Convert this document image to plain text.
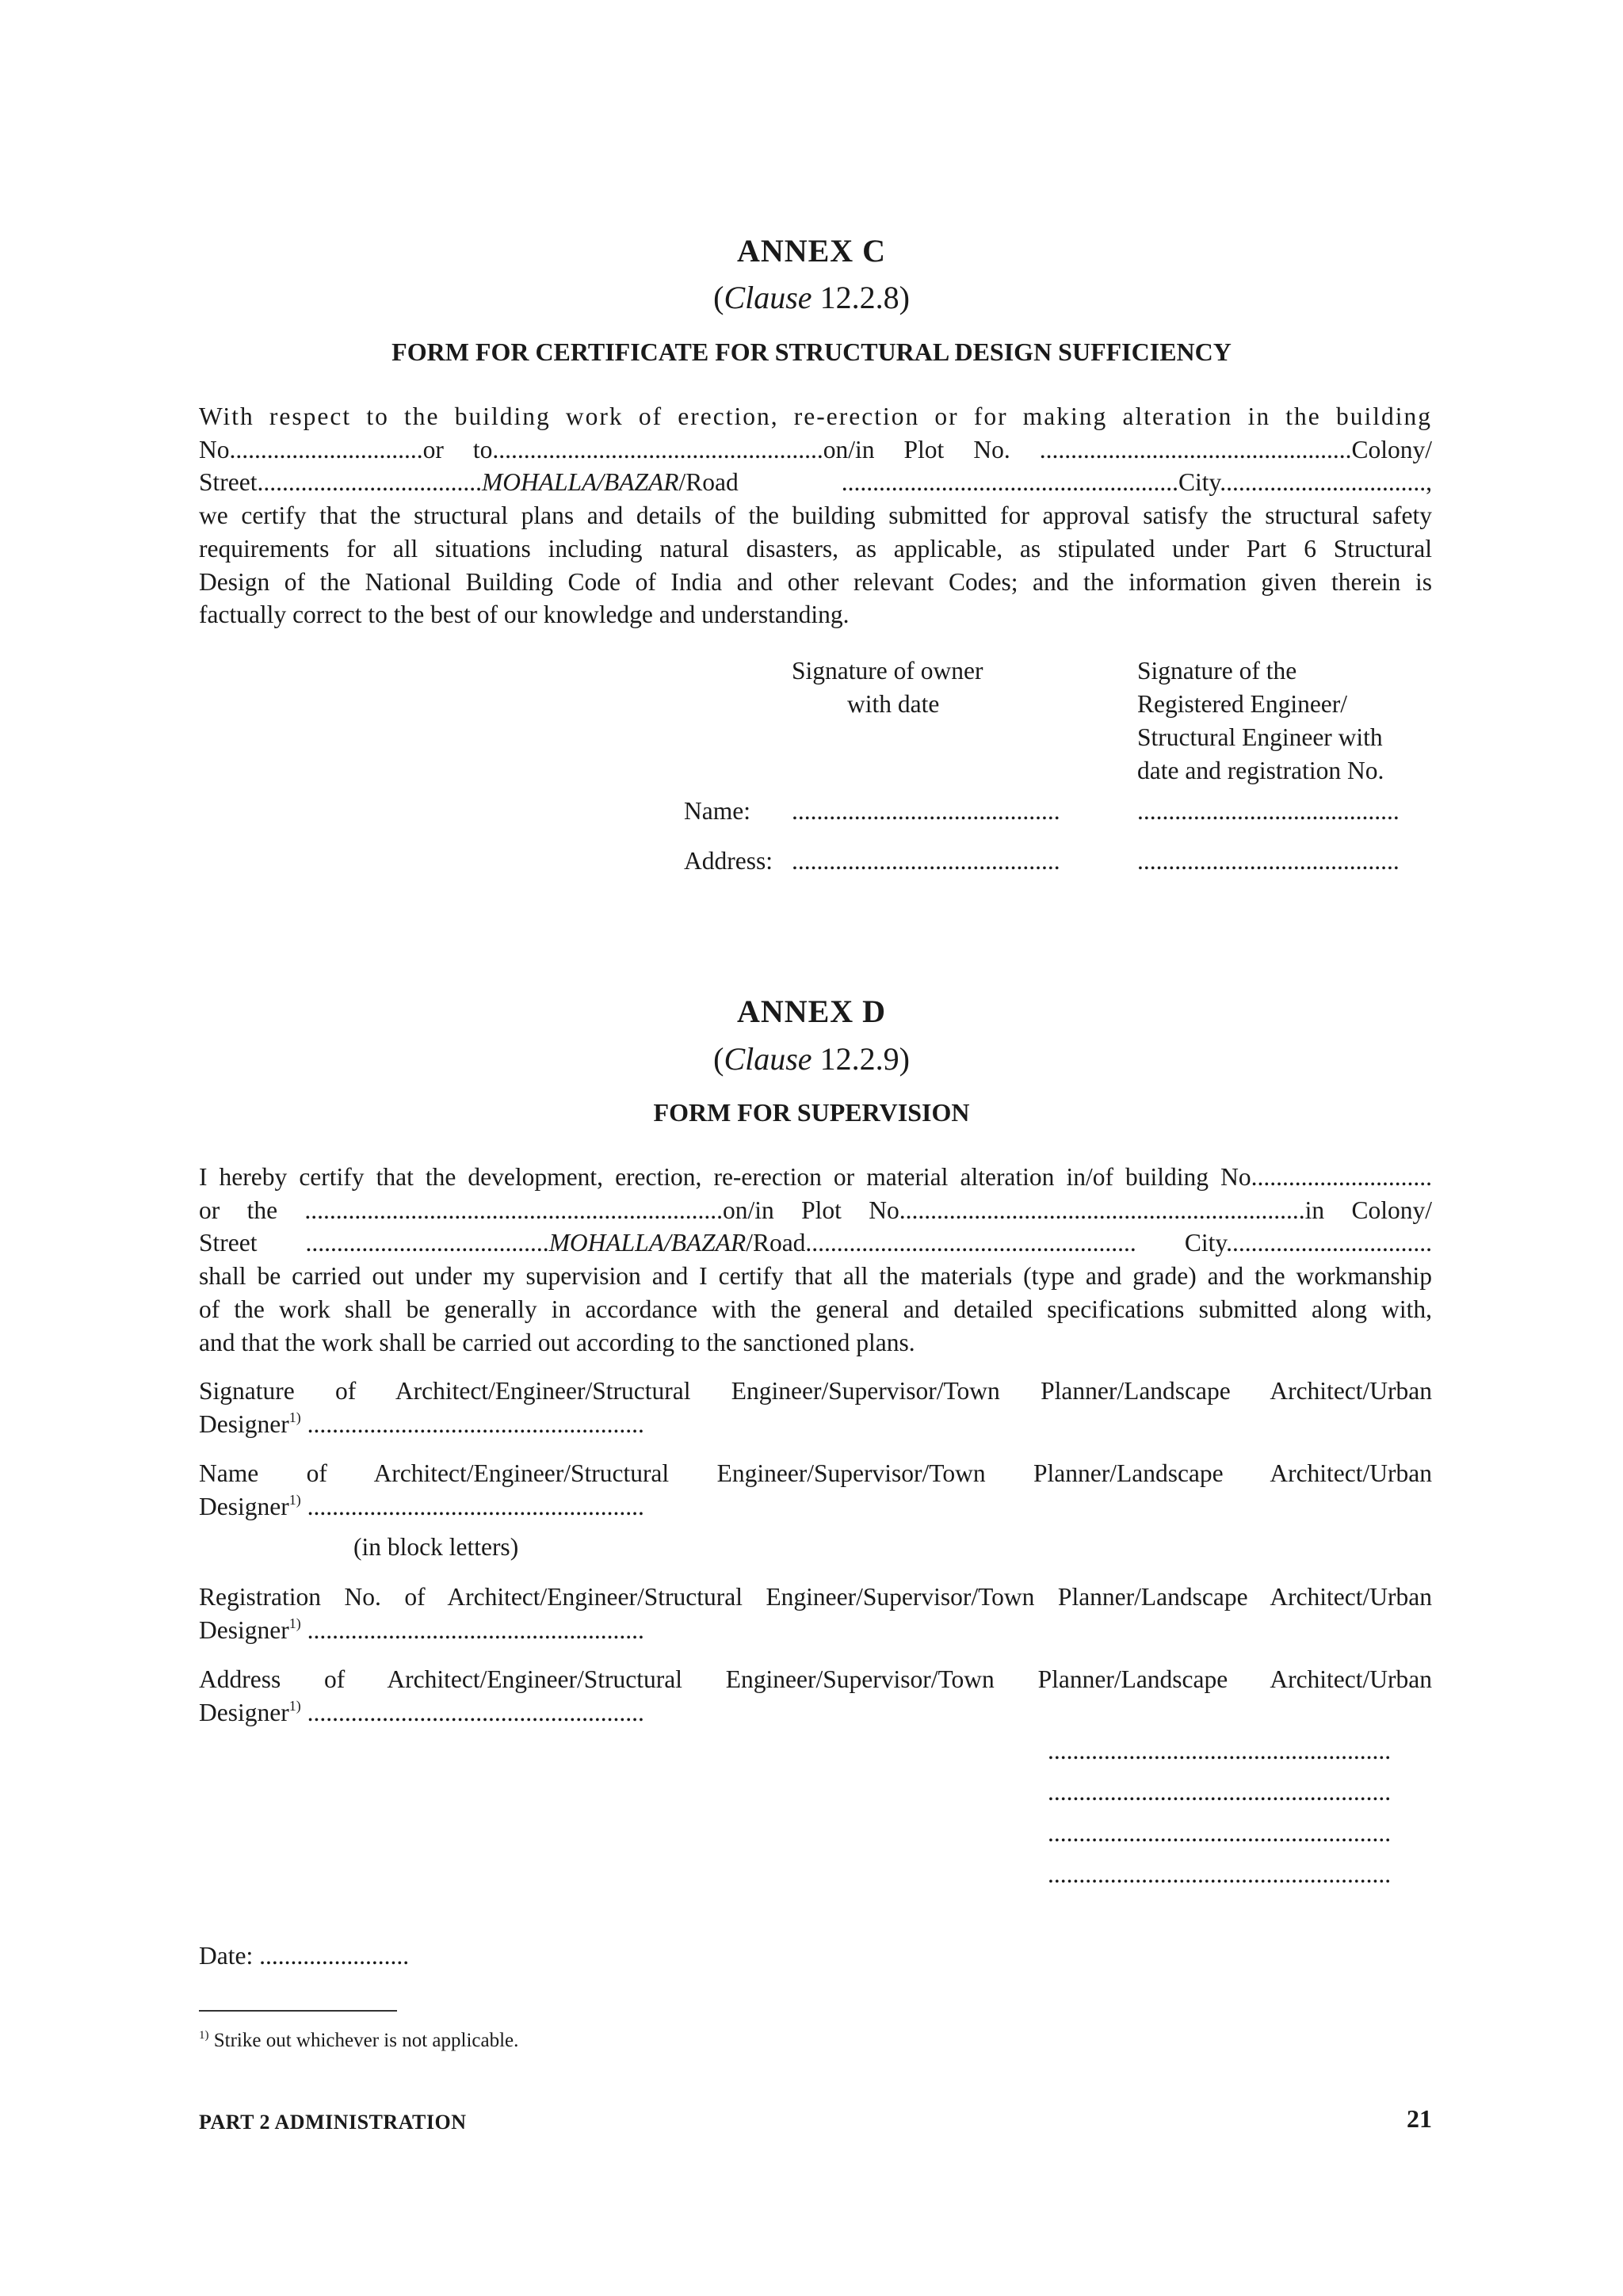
ANNEX C
(Clause 12.2.8)
FORM FOR CERTIFICATE FOR STRUCTURAL DESIGN SUFFICIENCY
With respect to the building work of erection, re-erection or for making alteration in the building
No...............................or to.....................................................on/in Plot No. ..................................................Colony/
Street....................................MOHALLA/BAZAR/Road ......................................................City.................................,
we certify that the structural plans and details of the building submitted for approval satisfy the structural safety
requirements for all situations including natural disasters, as applicable, as stipulated under Part 6 Structural
Design of the National Building Code of India and other relevant Codes; and the information given therein is
factually correct to the best of our knowledge and understanding.
Signature of owner
with date
Signature of the
Registered Engineer/
Structural Engineer with
date and registration No.
Name: ...........................................	..........................................
Address: ...........................................	..........................................
ANNEX D
(Clause 12.2.9)
FORM FOR SUPERVISION
I hereby certify that the development, erection, re-erection or material alteration in/of building No.............................
or the ...................................................................on/in Plot No.................................................................in Colony/
Street .......................................MOHALLA/BAZAR/Road..................................................... City.................................
shall be carried out under my supervision and I certify that all the materials (type and grade) and the workmanship
of the work shall be generally in accordance with the general and detailed specifications submitted along with,
and that the work shall be carried out according to the sanctioned plans.
Signature of Architect/Engineer/Structural Engineer/Supervisor/Town Planner/Landscape Architect/Urban
Designer$^{1)}$ ......................................................
Name of Architect/Engineer/Structural Engineer/Supervisor/Town Planner/Landscape Architect/Urban
Designer$^{1)}$ ......................................................
(in block letters)
Registration No. of Architect/Engineer/Structural Engineer/Supervisor/Town Planner/Landscape Architect/Urban
Designer$^{1)}$ ......................................................
Address of Architect/Engineer/Structural Engineer/Supervisor/Town Planner/Landscape Architect/Urban
Designer$^{1)}$ ......................................................
.......................................................
.......................................................
.......................................................
.......................................................
Date: ........................
$^{1)}$ Strike out whichever is not applicable.
PART 2 ADMINISTRATION	21
